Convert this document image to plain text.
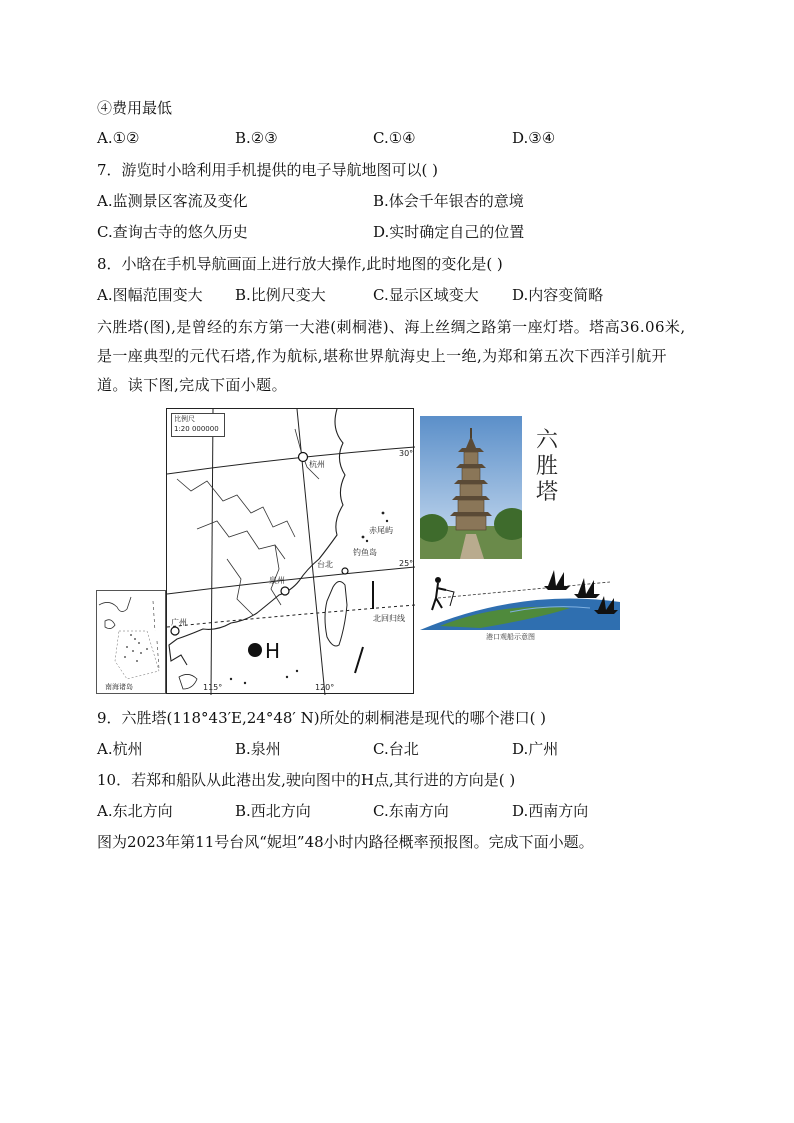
④费用最低
A.①②	B.②③	C.①④	D.③④
7．游览时小晗利用手机提供的电子导航地图可以( )
A.监测景区客流及变化	B.体会千年银杏的意境
C.查询古寺的悠久历史	D.实时确定自己的位置
8．小晗在手机导航画面上进行放大操作,此时地图的变化是( )
A.图幅范围变大 B.比例尺变大	C.显示区域变大 D.内容变简略
六胜塔(图),是曾经的东方第一大港(刺桐港)、海上丝绸之路第一座灯塔。塔高36.06米,是一座典型的元代石塔,作为航标,堪称世界航海史上一绝,为郑和第五次下西洋引航开道。读下图,完成下面小题。
南海诸岛
比例尺
1:20 000000
30°
25°
115°	120°
杭州
泉州
台北
广州
钓鱼岛
赤尾屿
北回归线
H
六
胜
塔
港口观船示意图
9．六胜塔(118°43′E,24°48′ N)所处的刺桐港是现代的哪个港口( )
A.杭州	B.泉州	C.台北	D.广州
10．若郑和船队从此港出发,驶向图中的H点,其行进的方向是( )
A.东北方向	B.西北方向	C.东南方向	D.西南方向
图为2023年第11号台风“妮坦”48小时内路径概率预报图。完成下面小题。
